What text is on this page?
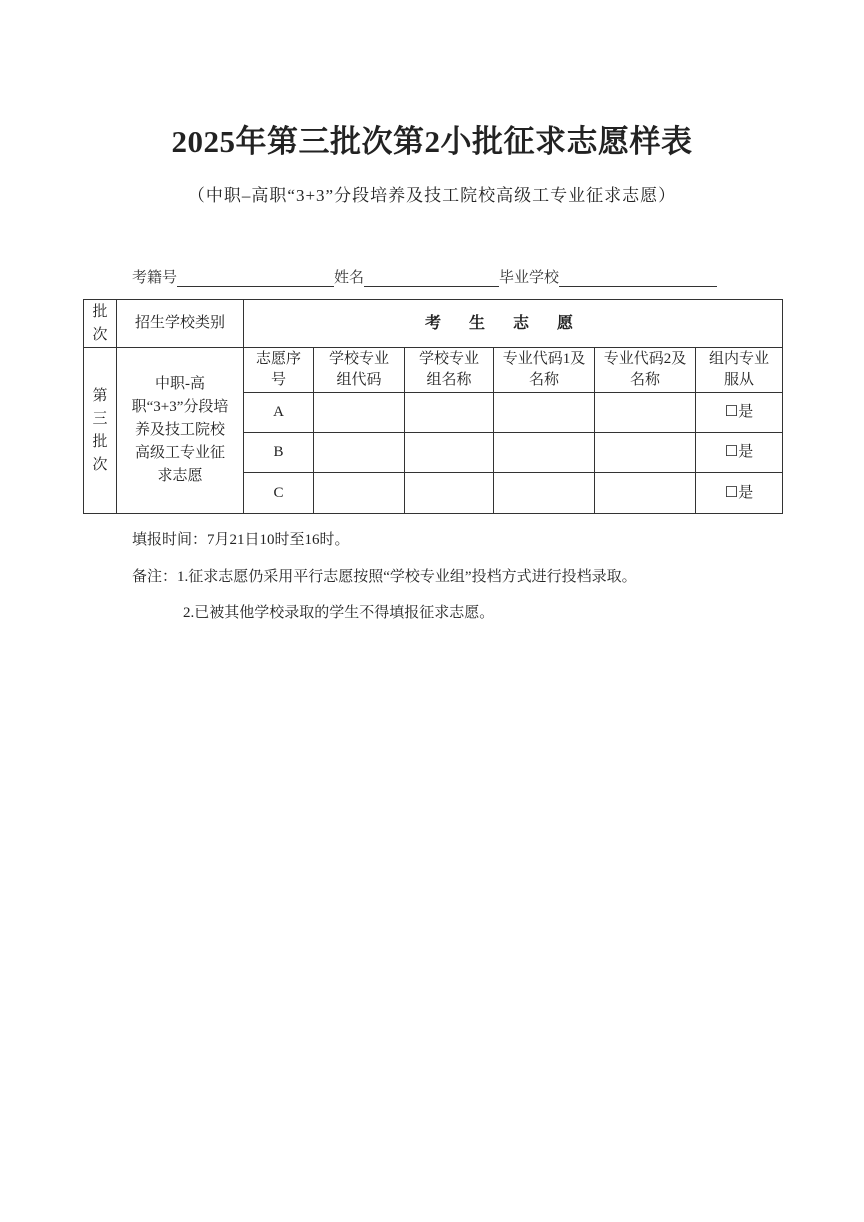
2025年第三批次第2小批征求志愿样表
（中职–高职“3+3”分段培养及技工院校高级工专业征求志愿）
考籍号	姓名	毕业学校
批次	招生学校类别	考生志愿					

第三批次	中职-高职“3+3”分段培养及技工院校高级工专业征求志愿	志愿序号	学校专业组代码	学校专业组名称	专业代码1及名称	专业代码2及名称	组内专业服从
		A					☐是
		B					☐是
		C					☐是
填报时间：7月21日10时至16时。
备注：1.征求志愿仍采用平行志愿按照“学校专业组”投档方式进行投档录取。
2.已被其他学校录取的学生不得填报征求志愿。
